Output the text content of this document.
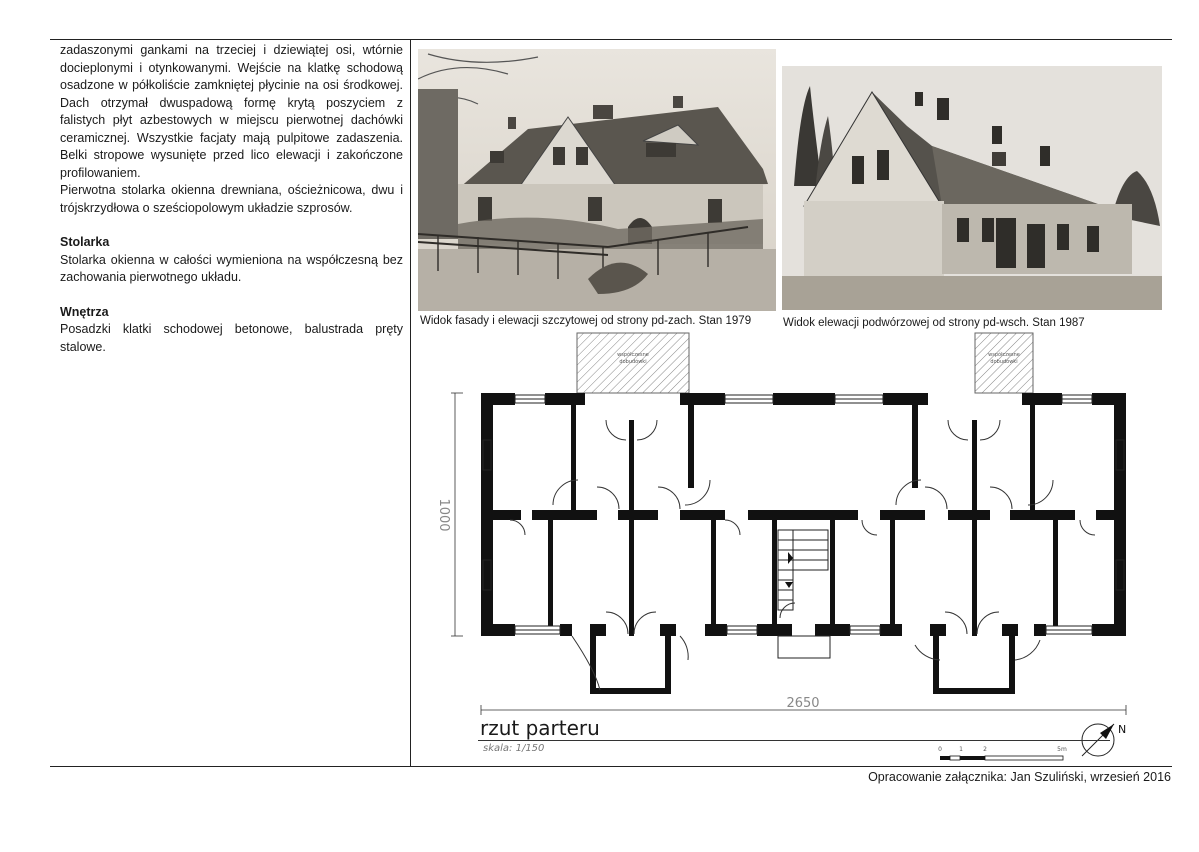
zadaszonymi gankami na trzeciej i dziewiątej osi, wtórnie docieplonymi i otynkowanymi. Wejście na klatkę schodową osadzone w półkoliście zamkniętej płycinie na osi środkowej. Dach otrzymał dwuspadową formę krytą poszyciem z falistych płyt azbestowych w miejscu pierwotnej dachówki ceramicznej. Wszystkie facjaty mają pulpitowe zadaszenia. Belki stropowe wysunięte przed lico elewacji i zakończone profilowaniem.

Pierwotna stolarka okienna drewniana, ościeżnicowa, dwu i trójskrzydłowa o sześciopolowym układzie szprosów.

Stolarka

Stolarka okienna w całości wymieniona na współczesną bez zachowania pierwotnego układu.

Wnętrza

Posadzki klatki schodowej betonowe, balustrada pręty stalowe.

Widok fasady i elewacji szczytowej od strony pd-zach. Stan 1979	Widok elewacji podwórzowej od strony pd-wsch. Stan 1987
współczesne
dobudówki
współczesne
dobudówki
1000
2650
0	1	2	5m
N
rzut parteru
skala: 1/150
Opracowanie załącznika: Jan Szuliński, wrzesień 2016
